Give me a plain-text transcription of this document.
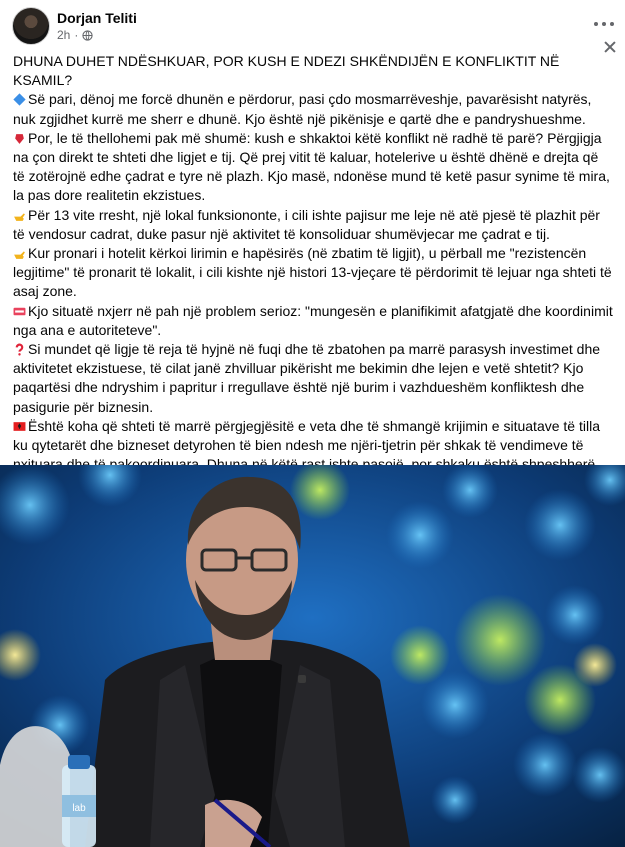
Dorjan Teliti
2h ·
DHUNA DUHET NDËSHKUAR, POR KUSH E NDEZI SHKËNDIJËN E KONFLIKTIT NË KSAMIL?
Së pari, dënoj me forcë dhunën e përdorur, pasi çdo mosmarrëveshje, pavarësisht natyrës, nuk zgjidhet kurrë me sherr e dhunë. Kjo është një pikënisje e qartë dhe e pandryshueshme.
Por, le të thellohemi pak më shumë: kush e shkaktoi këtë konflikt në radhë të parë? Përgjigja na çon direkt te shteti dhe ligjet e tij. Që prej vitit të kaluar, hotelerive u është dhënë e drejta që të zotërojnë edhe çadrat e tyre në plazh. Kjo masë, ndonëse mund të ketë pasur synime të mira, la pas dore realitetin ekzistues.
Për 13 vite rresht, një lokal funksiononte, i cili ishte pajisur me leje në atë pjesë të plazhit për të vendosur cadrat, duke pasur një aktivitet të konsoliduar shumëvjecar me çadrat e tij.
Kur pronari i hotelit kërkoi lirimin e hapësirës (në zbatim të ligjit), u përball me "rezistencën legjitime" të pronarit të lokalit, i cili kishte një histori 13-vjeçare të përdorimit të lejuar nga shteti të asaj zone.
Kjo situatë nxjerr në pah një problem serioz: "mungesën e planifikimit afatgjatë dhe koordinimit nga ana e autoriteteve".
Si mundet që ligje të reja të hyjnë në fuqi dhe të zbatohen pa marrë parasysh investimet dhe aktivitetet ekzistuese, të cilat janë zhvilluar pikërisht me bekimin dhe lejen e vetë shtetit? Kjo paqartësi dhe ndryshim i papritur i rregullave është një burim i vazhdueshëm konfliktesh dhe pasigurie për biznesin.
Është koha që shteti të marrë përgjegjësitë e veta dhe të shmangë krijimin e situatave të tilla ku qytetarët dhe bizneset detyrohen të bien ndesh me njëri-tjetrin për shkak të vendimeve të
lab
